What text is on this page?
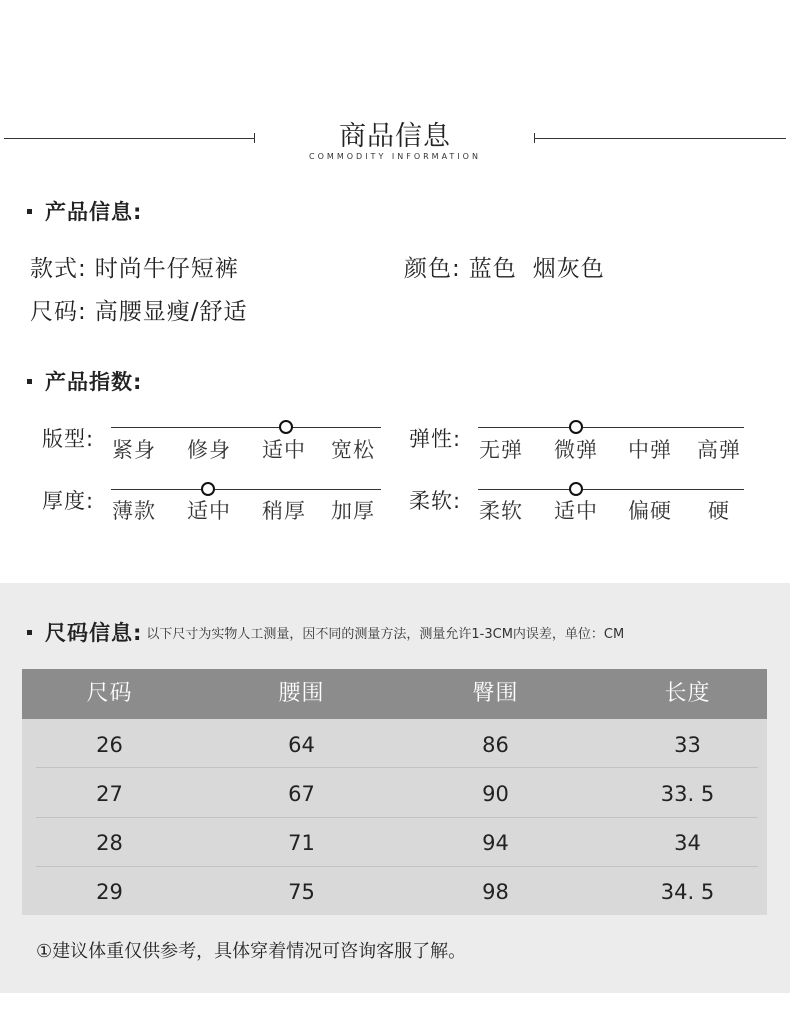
商品信息
COMMODITY INFORMATION
产品信息:
款式: 时尚牛仔短裤	颜色: 蓝色 烟灰色
尺码: 高腰显瘦/舒适
产品指数:
版型: 紧身 修身 适中 宽松 弹性: 无弹 微弹 中弹 高弹
厚度: 薄款 适中 稍厚 加厚 柔软: 柔软 适中 偏硬 硬
尺码信息: 以下尺寸为实物人工测量，因不同的测量方法，测量允许1-3CM内误差，单位：CM
尺码	腰围	臀围	长度
26	64	86	33
27	67	90	33. 5
28	71	94	34
29	75	98	34. 5
①建议体重仅供参考，具体穿着情况可咨询客服了解。
